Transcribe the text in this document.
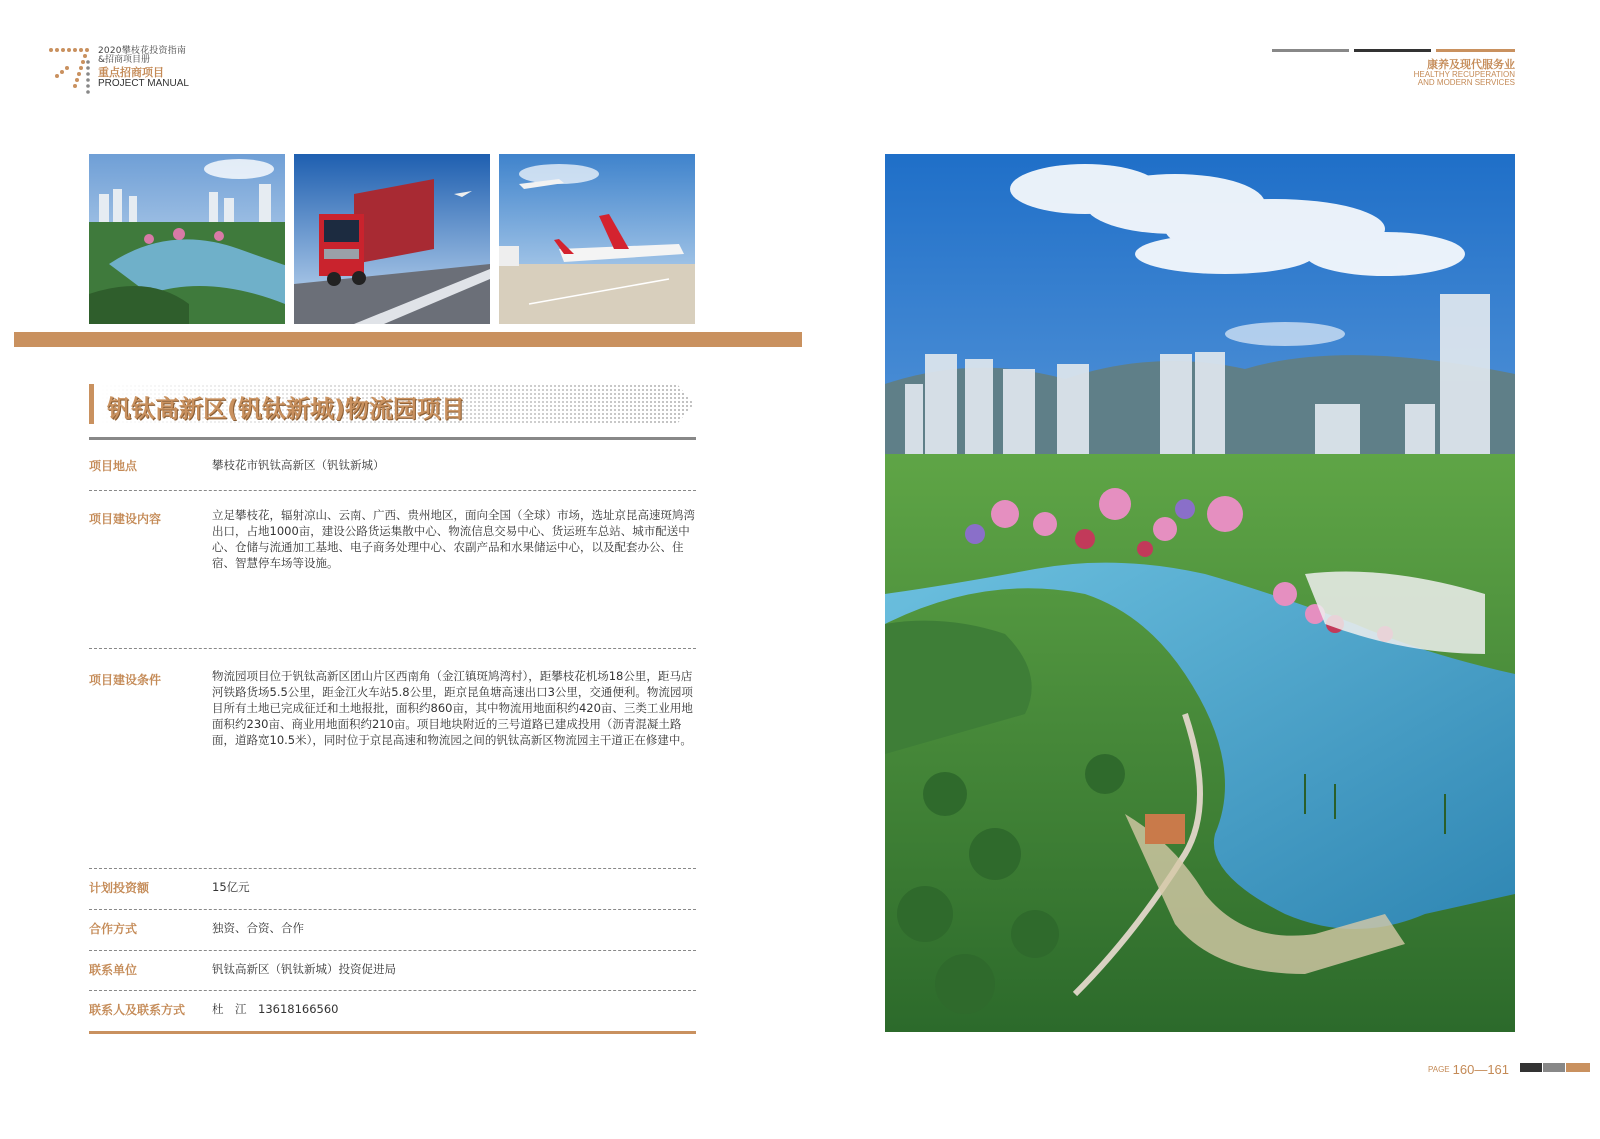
2020攀枝花投资指南
&招商项目册
重点招商项目
PROJECT MANUAL
康养及现代服务业
HEALTHY RECUPERATION
AND MODERN SERVICES
钒钛高新区(钒钛新城)物流园项目
项目地点	攀枝花市钒钛高新区（钒钛新城）
项目建设内容	立足攀枝花，辐射凉山、云南、广西、贵州地区，面向全国（全球）市场，选址京昆高速斑鸠湾出口，占地1000亩，建设公路货运集散中心、物流信息交易中心、货运班车总站、城市配送中心、仓储与流通加工基地、电子商务处理中心、农副产品和水果储运中心，以及配套办公、住宿、智慧停车场等设施。
项目建设条件	物流园项目位于钒钛高新区团山片区西南角（金江镇斑鸠湾村），距攀枝花机场18公里，距马店河铁路货场5.5公里，距金江火车站5.8公里，距京昆鱼塘高速出口3公里，交通便利。物流园项目所有土地已完成征迁和土地报批，面积约860亩，其中物流用地面积约420亩、三类工业用地面积约230亩、商业用地面积约210亩。项目地块附近的三号道路已建成投用（沥青混凝土路面，道路宽10.5米），同时位于京昆高速和物流园之间的钒钛高新区物流园主干道正在修建中。
计划投资额	15亿元
合作方式	独资、合资、合作
联系单位	钒钛高新区（钒钛新城）投资促进局
联系人及联系方式 杜　江　13618166560
PAGE 160—161
